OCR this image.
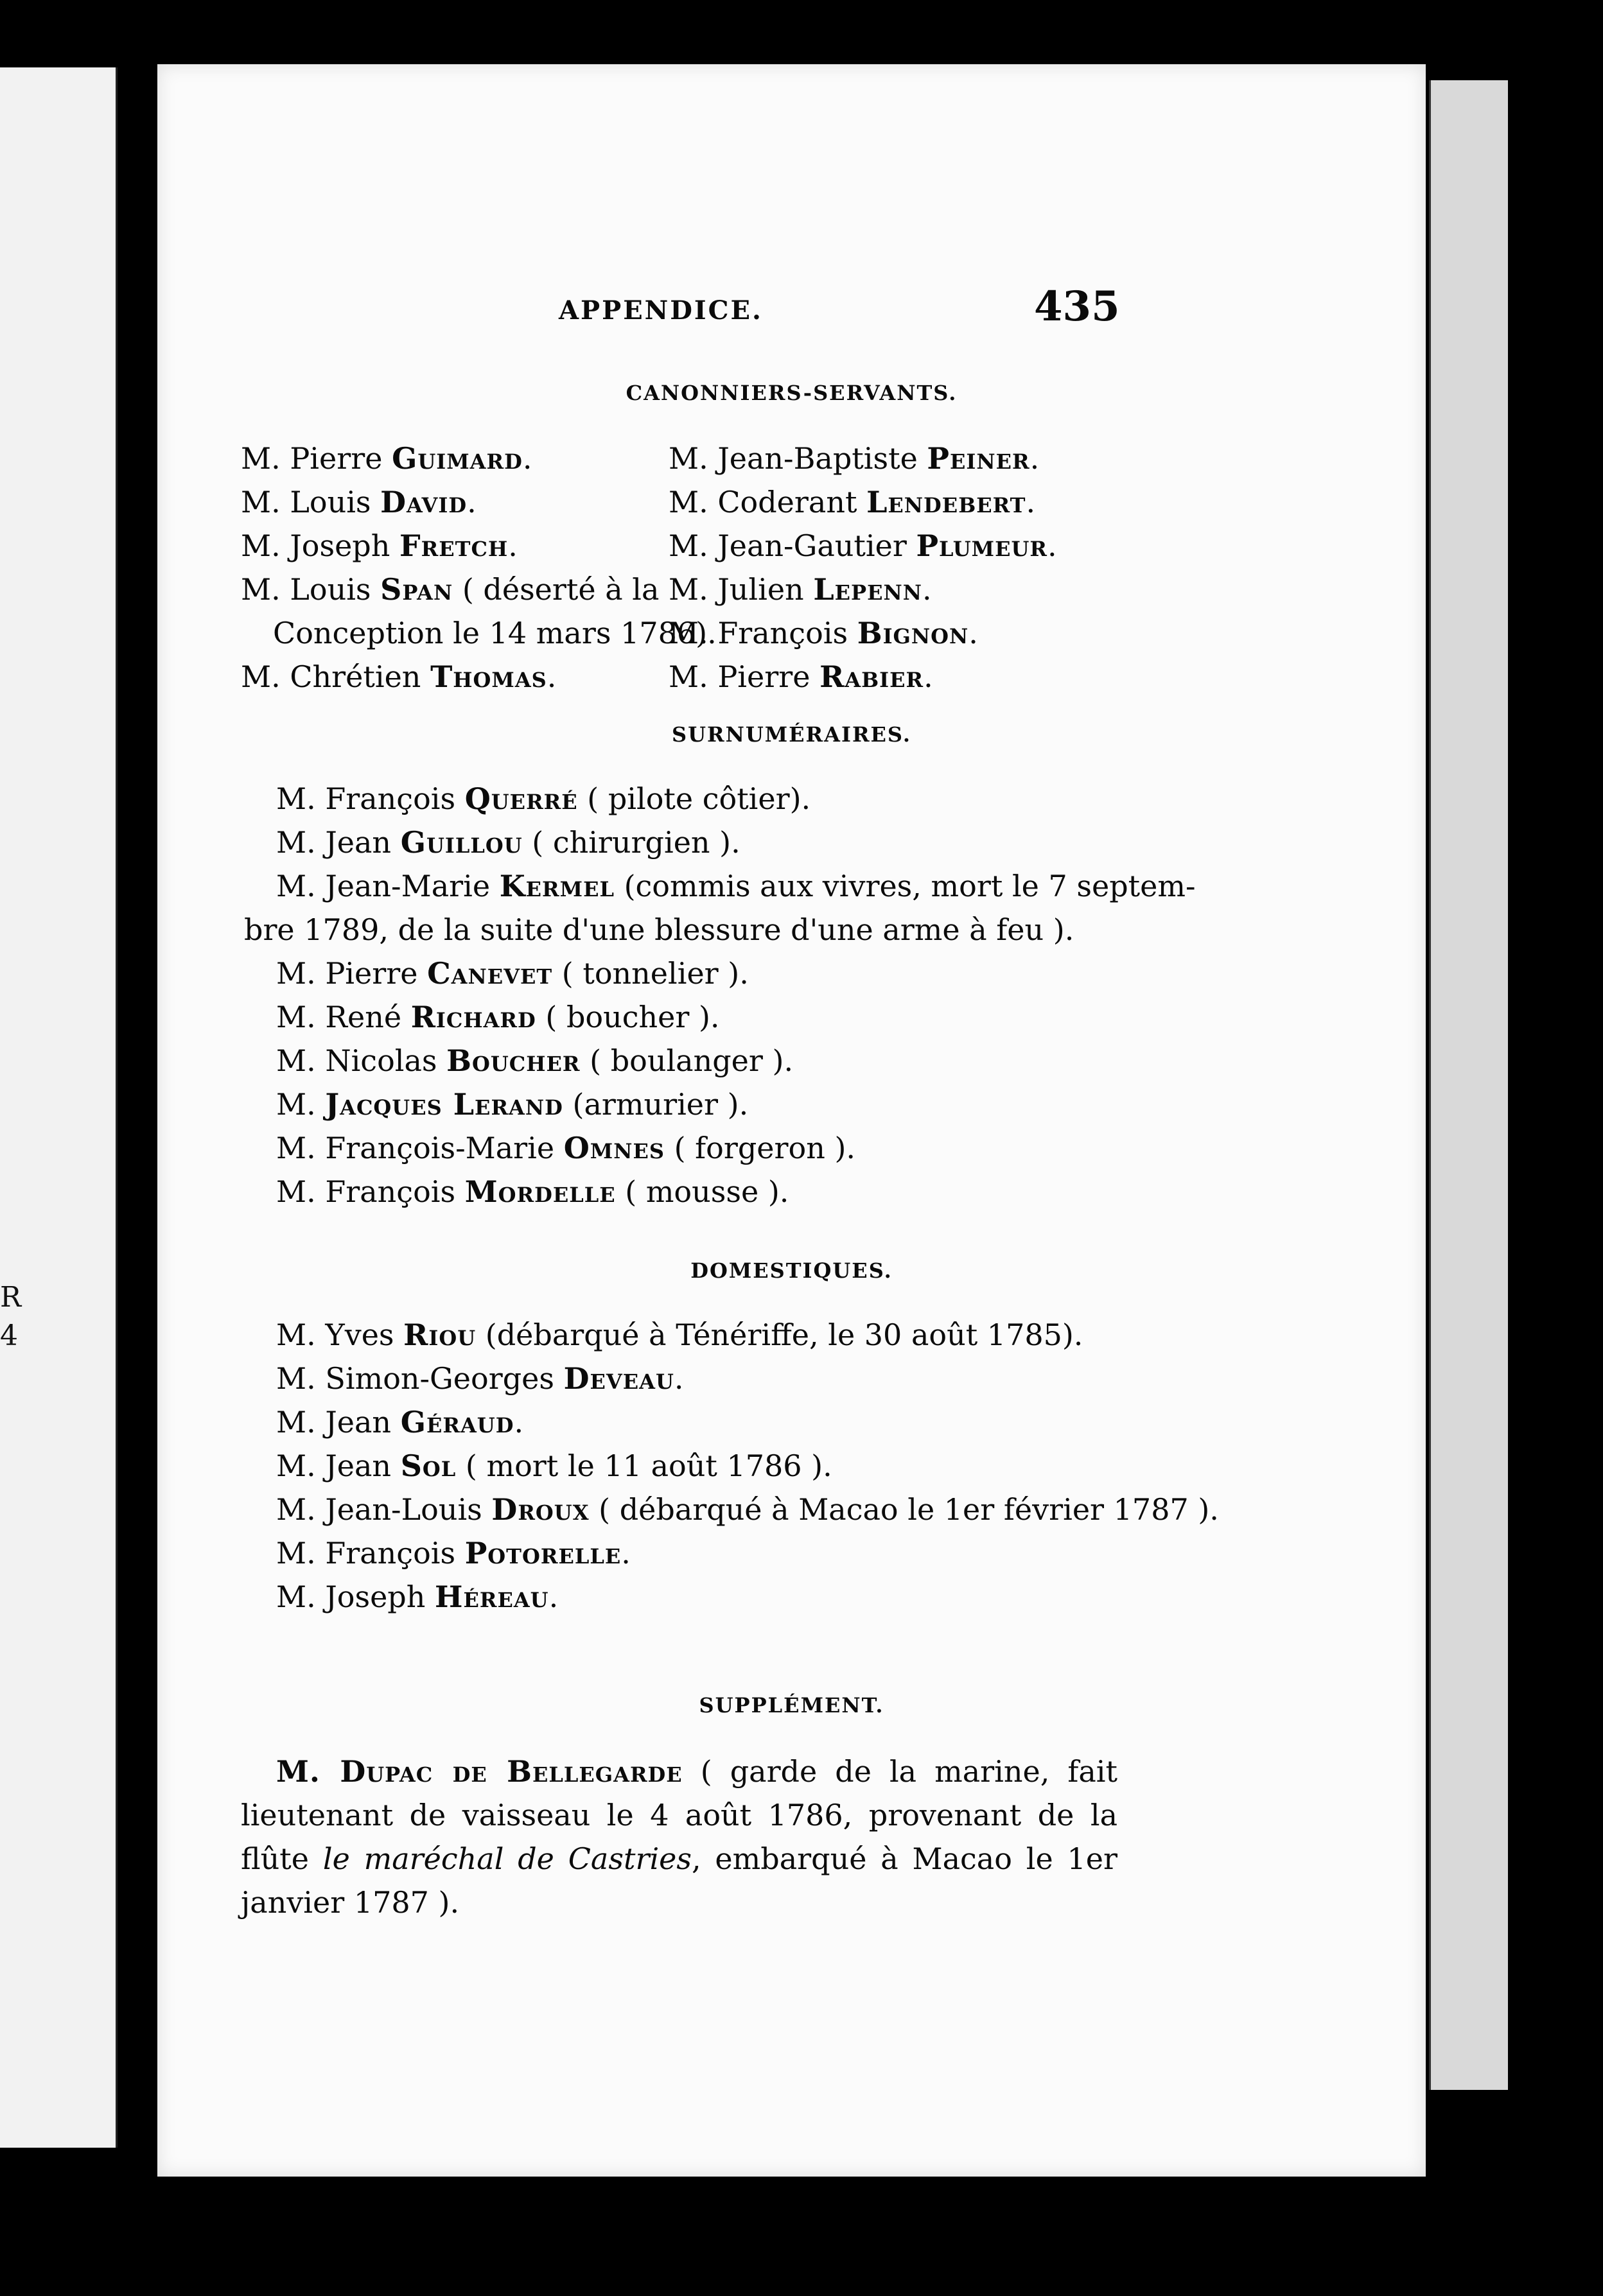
R
4
APPENDICE.	435
CANONNIERS-SERVANTS.
M. Pierre Guimard.
M. Louis David.
M. Joseph Fretch.
M. Louis Span ( déserté à la
Conception le 14 mars 1786).
M. Chrétien Thomas.
M. Jean-Baptiste Peiner.
M. Coderant Lendebert.
M. Jean-Gautier Plumeur.
M. Julien Lepenn.
M. François Bignon.
M. Pierre Rabier.
SURNUMÉRAIRES.
M. François Querré ( pilote côtier).
M. Jean Guillou ( chirurgien ).
M. Jean-Marie Kermel (commis aux vivres, mort le 7 septem-
bre 1789, de la suite d'une blessure d'une arme à feu ).
M. Pierre Canevet ( tonnelier ).
M. René Richard ( boucher ).
M. Nicolas Boucher ( boulanger ).
M. Jacques Lerand (armurier ).
M. François-Marie Omnes ( forgeron ).
M. François Mordelle ( mousse ).
DOMESTIQUES.
M. Yves Riou (débarqué à Ténériffe, le 30 août 1785).
M. Simon-Georges Deveau.
M. Jean Géraud.
M. Jean Sol ( mort le 11 août 1786 ).
M. Jean-Louis Droux ( débarqué à Macao le 1er février 1787 ).
M. François Potorelle.
M. Joseph Héreau.
SUPPLÉMENT.
M. Dupac de Bellegarde ( garde de la marine, fait lieutenant de vaisseau le 4 août 1786, provenant de la flûte le maréchal de Castries, embarqué à Macao le 1er janvier 1787 ).
